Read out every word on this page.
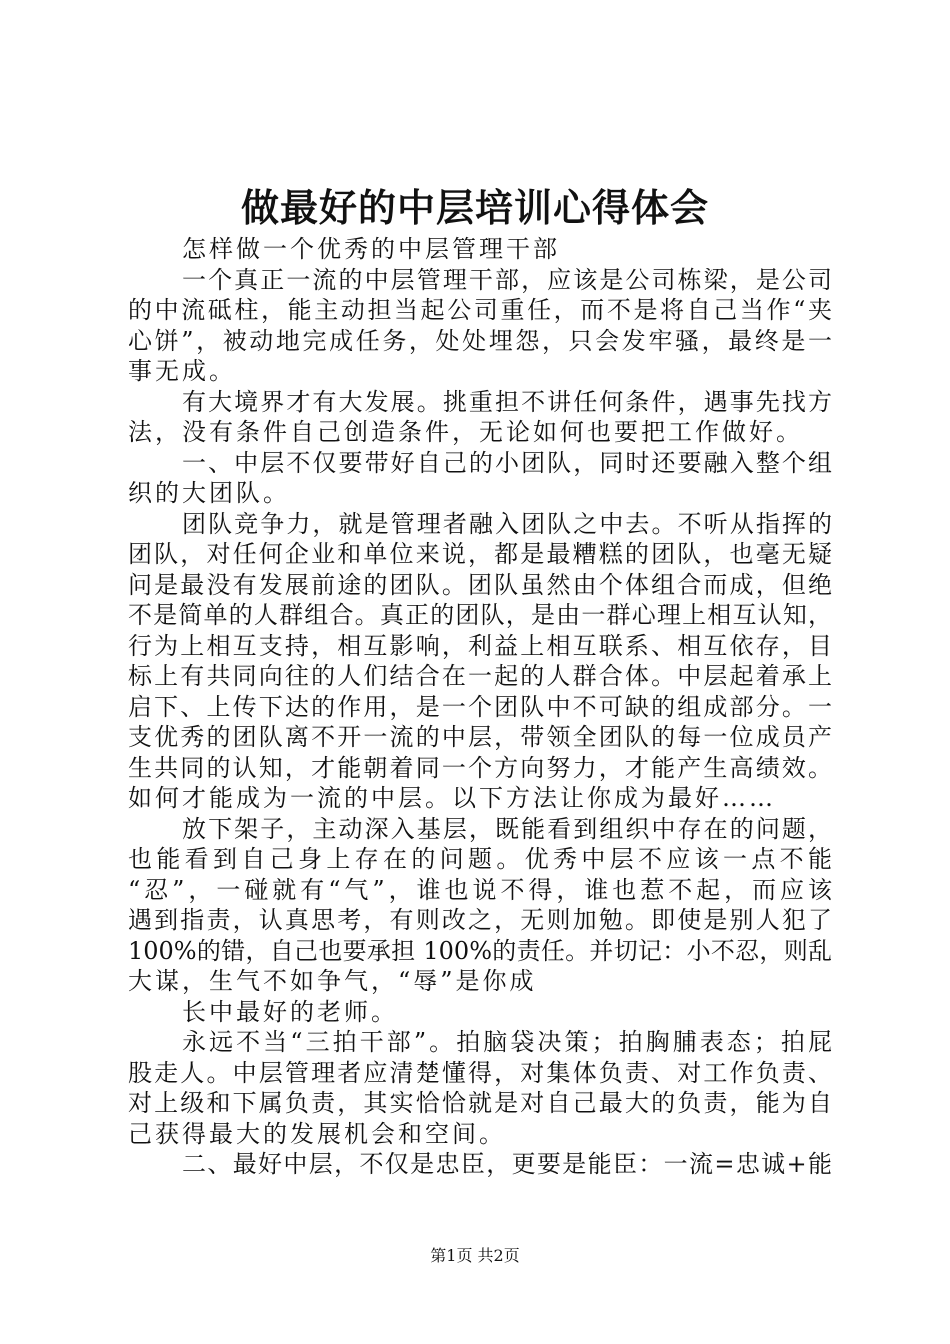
做最好的中层培训心得体会
怎样做一个优秀的中层管理干部
一个真正一流的中层管理干部，应该是公司栋梁，是公司
的中流砥柱，能主动担当起公司重任，而不是将自己当作“夹
心饼”，被动地完成任务，处处埋怨，只会发牢骚，最终是一
事无成。
有大境界才有大发展。挑重担不讲任何条件，遇事先找方
法，没有条件自己创造条件，无论如何也要把工作做好。
一、中层不仅要带好自己的小团队，同时还要融入整个组
织的大团队。
团队竞争力，就是管理者融入团队之中去。不听从指挥的
团队，对任何企业和单位来说，都是最糟糕的团队，也毫无疑
问是最没有发展前途的团队。团队虽然由个体组合而成，但绝
不是简单的人群组合。真正的团队，是由一群心理上相互认知，
行为上相互支持，相互影响，利益上相互联系、相互依存，目
标上有共同向往的人们结合在一起的人群合体。中层起着承上
启下、上传下达的作用，是一个团队中不可缺的组成部分。一
支优秀的团队离不开一流的中层，带领全团队的每一位成员产
生共同的认知，才能朝着同一个方向努力，才能产生高绩效。
如何才能成为一流的中层。以下方法让你成为最好……
放下架子，主动深入基层，既能看到组织中存在的问题，
也能看到自己身上存在的问题。优秀中层不应该一点不能
“忍”，一碰就有“气”，谁也说不得，谁也惹不起，而应该
遇到指责，认真思考，有则改之，无则加勉。即使是别人犯了
100%的错，自己也要承担 100%的责任。并切记：小不忍，则乱
大谋，生气不如争气，“辱”是你成
长中最好的老师。
永远不当“三拍干部”。拍脑袋决策；拍胸脯表态；拍屁
股走人。中层管理者应清楚懂得，对集体负责、对工作负责、
对上级和下属负责，其实恰恰就是对自己最大的负责，能为自
己获得最大的发展机会和空间。
二、最好中层，不仅是忠臣，更要是能臣：一流=忠诚+能
第1页 共2页
